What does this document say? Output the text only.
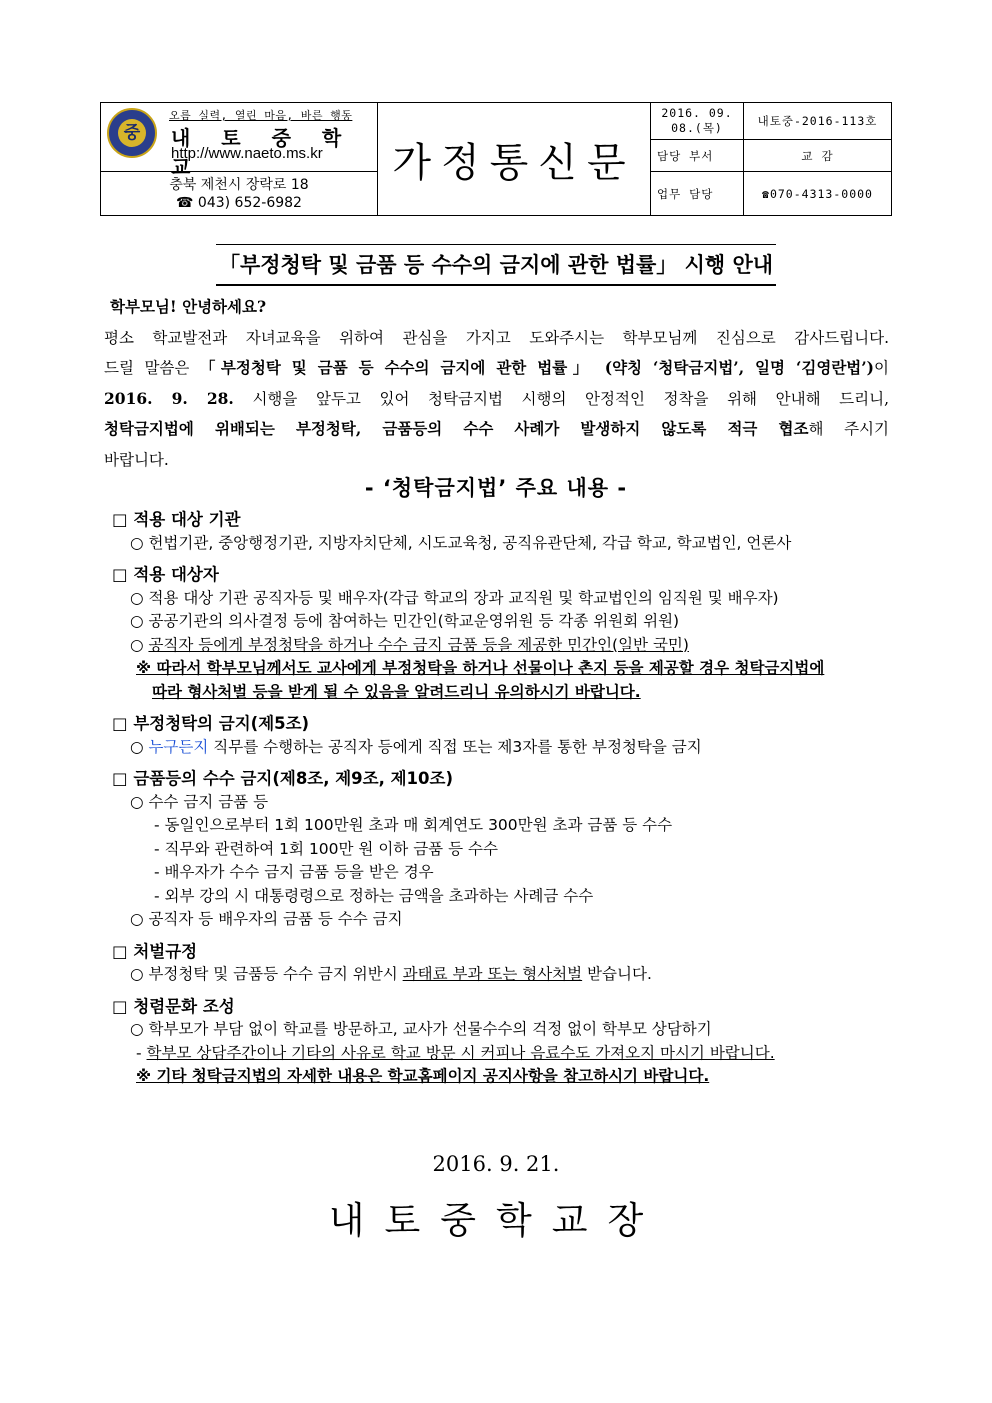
중
오름 실력, 열린 마음, 바른 행동
내 토 중 학 교
http://www.naeto.ms.kr	가정통신문	2016. 09. 08.(목)	내토중-2016-113호
		담당 부서	교 감

충북 제천시 장락로 18
☎ 043) 652-6982		업무 담당	☎070-4313-0000
「부정청탁 및 금품 등 수수의 금지에 관한 법률」 시행 안내

학부모님! 안녕하세요?

평소 학교발전과 자녀교육을 위하여 관심을 가지고 도와주시는 학부모님께 진심으로 감사드립니다.

드릴 말씀은 「부정청탁 및 금품 등 수수의 금지에 관한 법률」 (약칭 ‘청탁금지법’, 일명 ‘김영란법’)이

2016. 9. 28. 시행을 앞두고 있어 청탁금지법 시행의 안정적인 정착을 위해 안내해 드리니,

청탁금지법에 위배되는 부정청탁, 금품등의 수수 사례가 발생하지 않도록 적극 협조해 주시기

바랍니다.

- ‘청탁금지법’ 주요 내용 -
□ 적용 대상 기관
○ 헌법기관, 중앙행정기관, 지방자치단체, 시도교육청, 공직유관단체, 각급 학교, 학교법인, 언론사
□ 적용 대상자
○ 적용 대상 기관 공직자등 및 배우자(각급 학교의 장과 교직원 및 학교법인의 임직원 및 배우자)
○ 공공기관의 의사결정 등에 참여하는 민간인(학교운영위원 등 각종 위원회 위원)
○ 공직자 등에게 부정청탁을 하거나 수수 금지 금품 등을 제공한 민간인(일반 국민)
※ 따라서 학부모님께서도 교사에게 부정청탁을 하거나 선물이나 촌지 등을 제공할 경우 청탁금지법에
따라 형사처벌 등을 받게 될 수 있음을 알려드리니 유의하시기 바랍니다.
□ 부정청탁의 금지(제5조)
○ 누구든지 직무를 수행하는 공직자 등에게 직접 또는 제3자를 통한 부정청탁을 금지
□ 금품등의 수수 금지(제8조, 제9조, 제10조)
○ 수수 금지 금품 등
- 동일인으로부터 1회 100만원 초과 매 회계연도 300만원 초과 금품 등 수수
- 직무와 관련하여 1회 100만 원 이하 금품 등 수수
- 배우자가 수수 금지 금품 등을 받은 경우
- 외부 강의 시 대통령령으로 정하는 금액을 초과하는 사례금 수수
○ 공직자 등 배우자의 금품 등 수수 금지
□ 처벌규정
○ 부정청탁 및 금품등 수수 금지 위반시 과태료 부과 또는 형사처벌 받습니다.
□ 청렴문화 조성
○ 학부모가 부담 없이 학교를 방문하고, 교사가 선물수수의 걱정 없이 학부모 상담하기
- 학부모 상담주간이나 기타의 사유로 학교 방문 시 커피나 음료수도 가져오지 마시기 바랍니다.
※ 기타 청탁금지법의 자세한 내용은 학교홈페이지 공지사항을 참고하시기 바랍니다.
2016. 9. 21.
내토중학교장
